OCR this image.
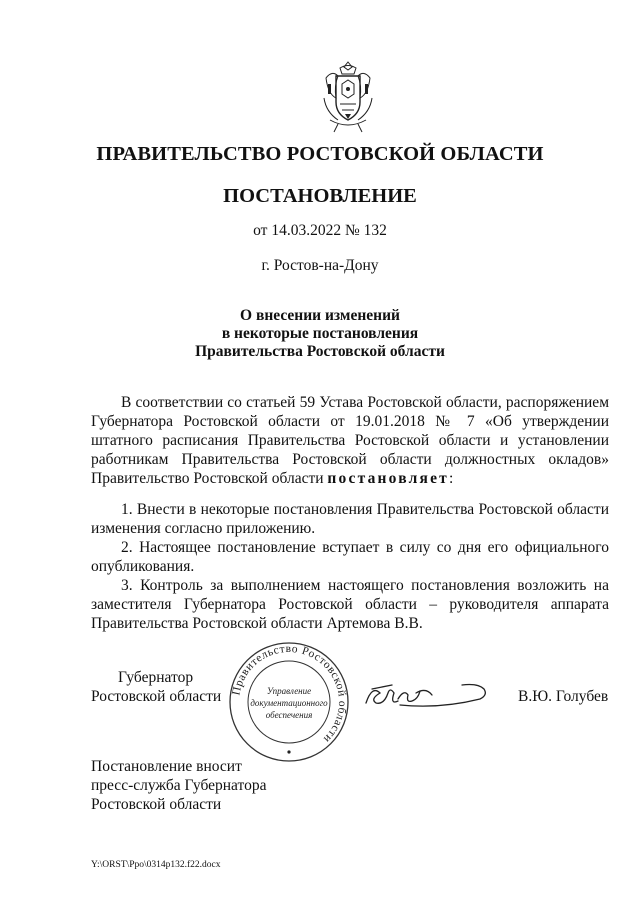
ПРАВИТЕЛЬСТВО РОСТОВСКОЙ ОБЛАСТИ
ПОСТАНОВЛЕНИЕ
от 14.03.2022 № 132
г. Ростов-на-Дону
О внесении изменений
в некоторые постановления
Правительства Ростовской области

В соответствии со статьей 59 Устава Ростовской области, распоряжением Губернатора Ростовской области от 19.01.2018 № 7 «Об утверждении штатного расписания Правительства Ростовской области и установлении работникам Правительства Ростовской области должностных окладов» Правительство Ростовской области постановляет:

1. Внести в некоторые постановления Правительства Ростовской области изменения согласно приложению.

2. Настоящее постановление вступает в силу со дня его официального опубликования.

3. Контроль за выполнением настоящего постановления возложить на заместителя Губернатора Ростовской области – руководителя аппарата Правительства Ростовской области Артемова В.В.

Губернатор
Ростовской области Правительство Ростовской области
Управление
документационного
обеспечения
В.Ю. Голубев
Постановление вносит
пресс-служба Губернатора
Ростовской области
Y:\ORST\Ppo\0314p132.f22.docx
